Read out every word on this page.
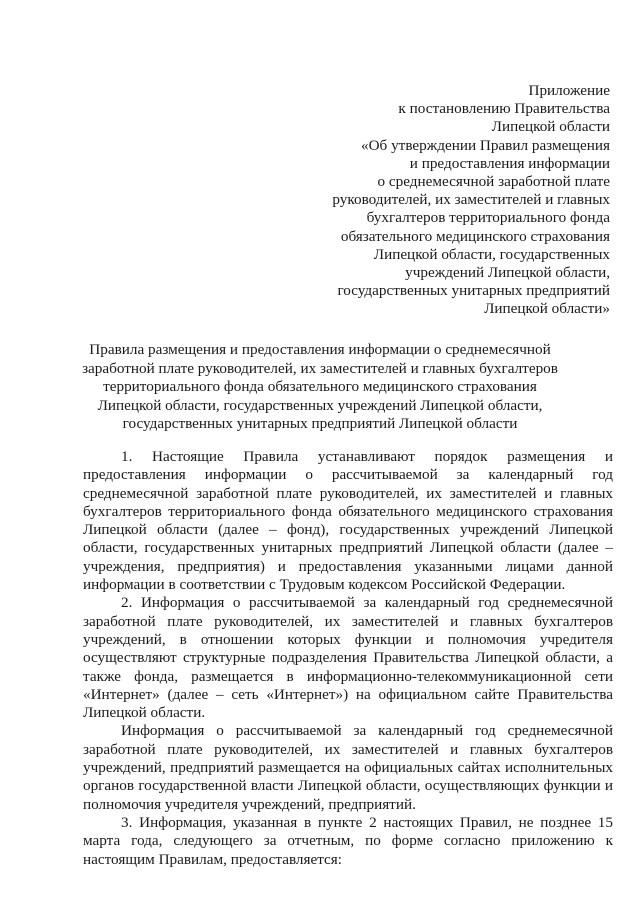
Приложение
к постановлению Правительства
Липецкой области
«Об утверждении Правил размещения
и предоставления информации
о среднемесячной заработной плате
руководителей, их заместителей и главных
бухгалтеров территориального фонда
обязательного медицинского страхования
Липецкой области, государственных
учреждений Липецкой области,
государственных унитарных предприятий
Липецкой области»
Правила размещения и предоставления информации о среднемесячной
заработной плате руководителей, их заместителей и главных бухгалтеров
территориального фонда обязательного медицинского страхования
Липецкой области, государственных учреждений Липецкой области,
государственных унитарных предприятий Липецкой области

1. Настоящие Правила устанавливают порядок размещения и предоставления информации о рассчитываемой за календарный год среднемесячной заработной плате руководителей, их заместителей и главных бухгалтеров территориального фонда обязательного медицинского страхования Липецкой области (далее – фонд), государственных учреждений Липецкой области, государственных унитарных предприятий Липецкой области (далее – учреждения, предприятия) и предоставления указанными лицами данной информации в соответствии с Трудовым кодексом Российской Федерации.

2. Информация о рассчитываемой за календарный год среднемесячной заработной плате руководителей, их заместителей и главных бухгалтеров учреждений, в отношении которых функции и полномочия учредителя осуществляют структурные подразделения Правительства Липецкой области, а также фонда, размещается в информационно-телекоммуникационной сети «Интернет» (далее – сеть «Интернет») на официальном сайте Правительства Липецкой области.

Информация о рассчитываемой за календарный год среднемесячной заработной плате руководителей, их заместителей и главных бухгалтеров учреждений, предприятий размещается на официальных сайтах исполнительных органов государственной власти Липецкой области, осуществляющих функции и полномочия учредителя учреждений, предприятий.

3. Информация, указанная в пункте 2 настоящих Правил, не позднее 15 марта года, следующего за отчетным, по форме согласно приложению к настоящим Правилам, предоставляется:
